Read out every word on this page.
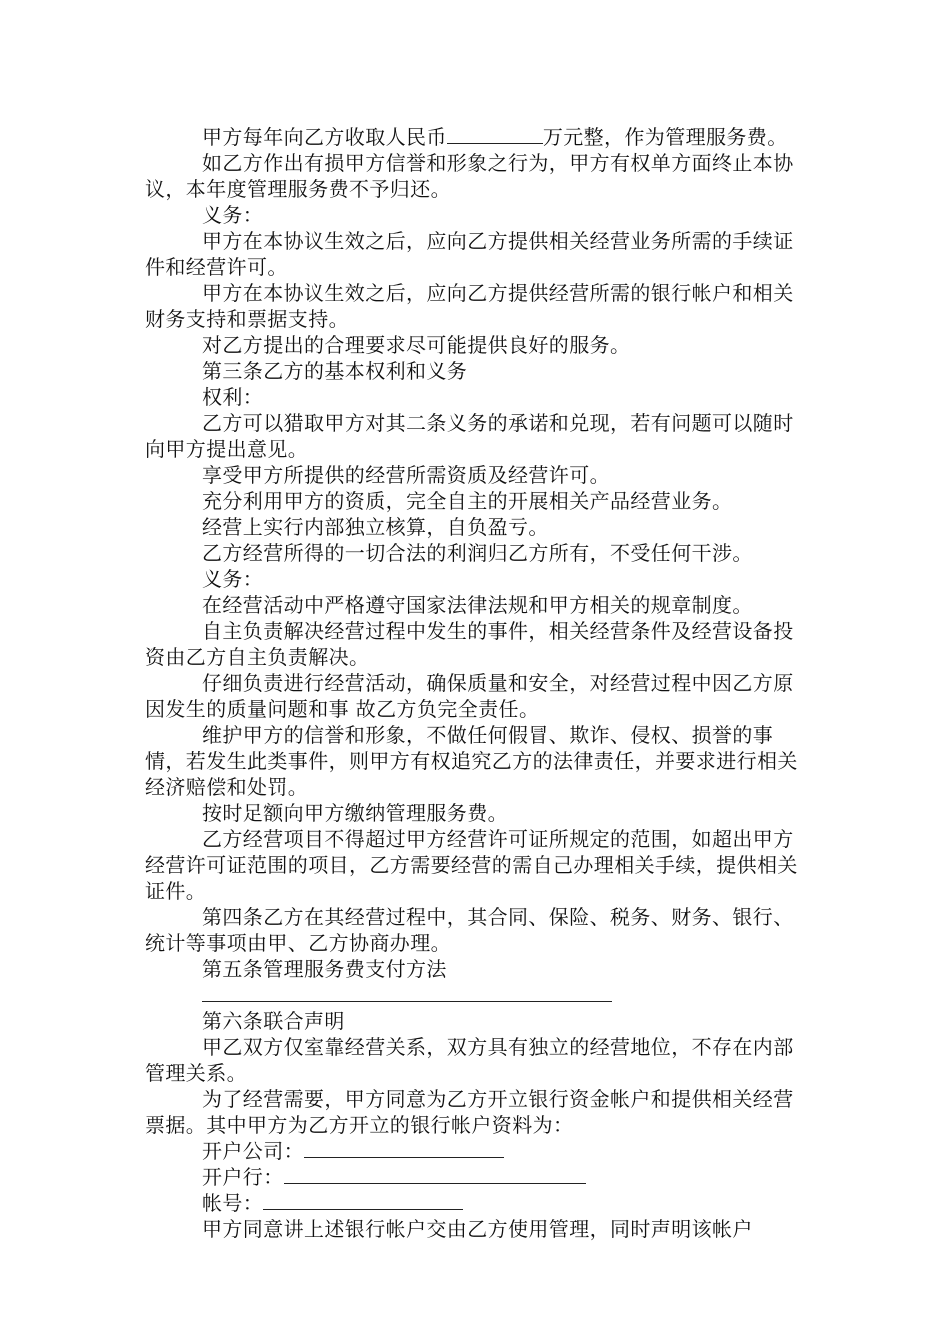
甲方每年向乙方收取人民币	万元整，作为管理服务费。

如乙方作出有损甲方信誉和形象之行为，甲方有权单方面终止本协议，本年度管理服务费不予归还。

义务：

甲方在本协议生效之后，应向乙方提供相关经营业务所需的手续证件和经营许可。

甲方在本协议生效之后，应向乙方提供经营所需的银行帐户和相关财务支持和票据支持。

对乙方提出的合理要求尽可能提供良好的服务。

第三条乙方的基本权利和义务

权利：

乙方可以猎取甲方对其二条义务的承诺和兑现，若有问题可以随时向甲方提出意见。

享受甲方所提供的经营所需资质及经营许可。

充分利用甲方的资质，完全自主的开展相关产品经营业务。

经营上实行内部独立核算，自负盈亏。

乙方经营所得的一切合法的利润归乙方所有，不受任何干涉。

义务：

在经营活动中严格遵守国家法律法规和甲方相关的规章制度。

自主负责解决经营过程中发生的事件，相关经营条件及经营设备投资由乙方自主负责解决。

仔细负责进行经营活动，确保质量和安全，对经营过程中因乙方原因发生的质量问题和事 故乙方负完全责任。

维护甲方的信誉和形象，不做任何假冒、欺诈、侵权、损誉的事情，若发生此类事件，则甲方有权追究乙方的法律责任，并要求进行相关经济赔偿和处罚。

按时足额向甲方缴纳管理服务费。

乙方经营项目不得超过甲方经营许可证所规定的范围，如超出甲方经营许可证范围的项目，乙方需要经营的需自己办理相关手续，提供相关证件。

第四条乙方在其经营过程中，其合同、保险、税务、财务、银行、统计等事项由甲、乙方协商办理。

第五条管理服务费支付方法

第六条联合声明

甲乙双方仅室靠经营关系，双方具有独立的经营地位，不存在内部管理关系。

为了经营需要，甲方同意为乙方开立银行资金帐户和提供相关经营票据。其中甲方为乙方开立的银行帐户资料为：

开户公司：

开户行：

帐号：

甲方同意讲上述银行帐户交由乙方使用管理，同时声明该帐户
